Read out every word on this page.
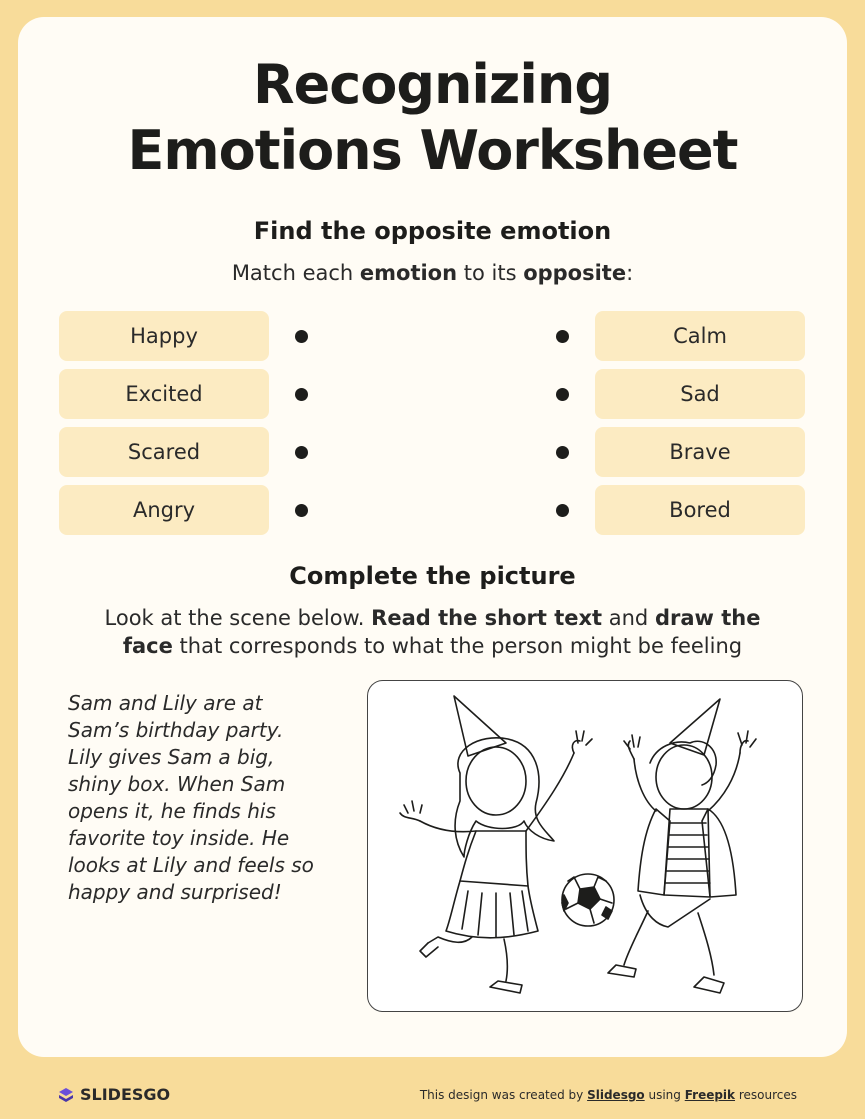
Recognizing
Emotions Worksheet
Find the opposite emotion
Match each emotion to its opposite:
Happy
Excited
Scared
Angry
Calm
Sad
Brave
Bored
Complete the picture
Look at the scene below. Read the short text and draw the
face that corresponds to what the person might be feeling
Sam and Lily are at
Sam’s birthday party.
Lily gives Sam a big,
shiny box. When Sam
opens it, he finds his
favorite toy inside. He
looks at Lily and feels so
happy and surprised!
SLIDESGO	This design was created by Slidesgo using Freepik resources
